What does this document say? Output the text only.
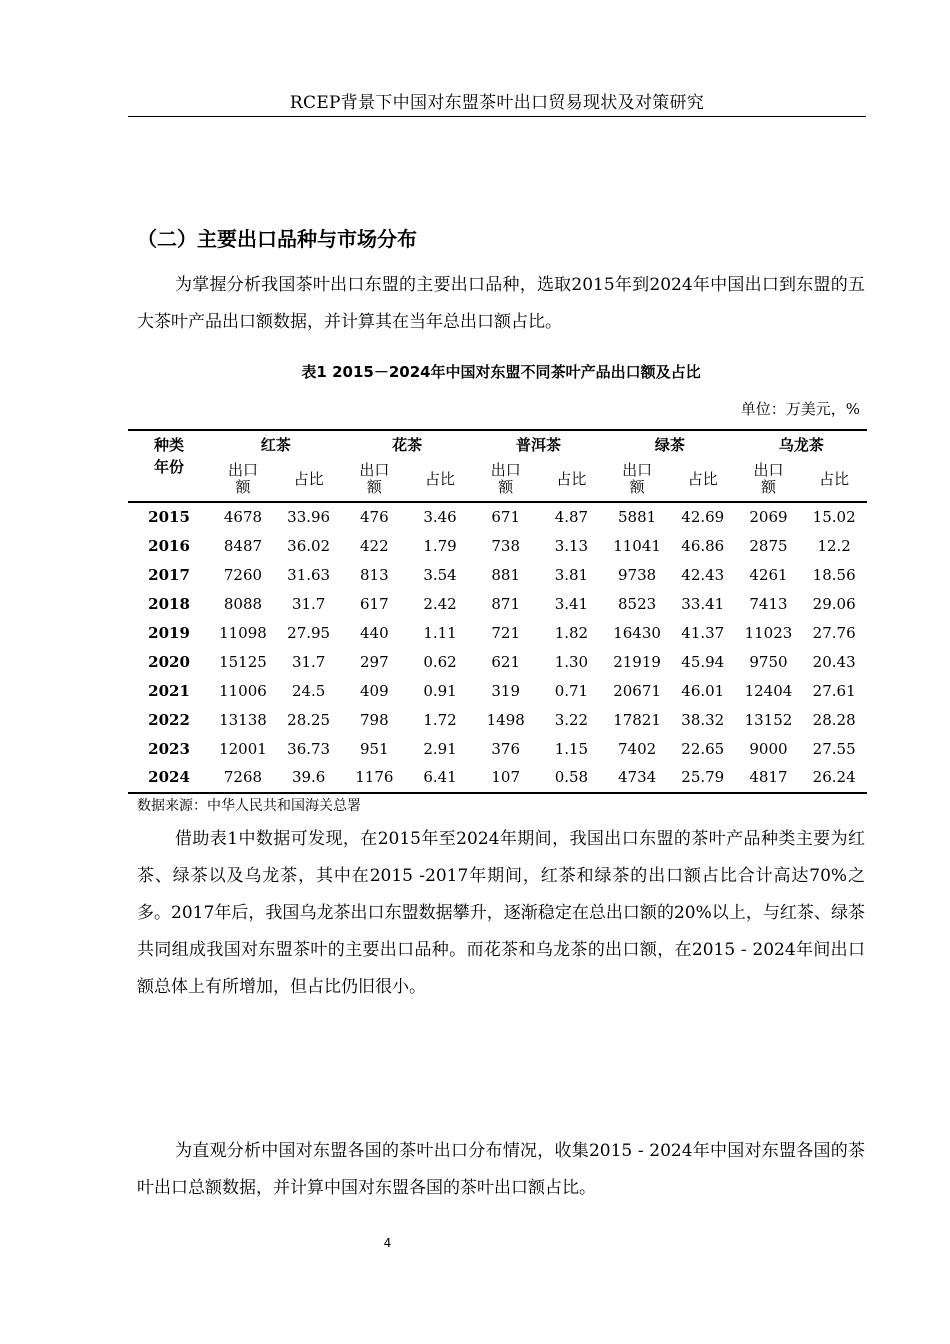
RCEP背景下中国对东盟茶叶出口贸易现状及对策研究
（二）主要出口品种与市场分布

为掌握分析我国茶叶出口东盟的主要出口品种，选取2015年到2024年中国出口到东盟的五大茶叶产品出口额数据，并计算其在当年总出口额占比。

表1 2015－2024年中国对东盟不同茶叶产品出口额及占比
单位：万美元，%
种类	红茶		花茶		普洱茶		绿茶		乌龙茶	
年份	出口额	占比	出口额	占比	出口额	占比	出口额	占比	出口额	占比
2015	4678	33.96	476	3.46	671	4.87	5881	42.69	2069	15.02
2016	8487	36.02	422	1.79	738	3.13	11041	46.86	2875	12.2
2017	7260	31.63	813	3.54	881	3.81	9738	42.43	4261	18.56
2018	8088	31.7	617	2.42	871	3.41	8523	33.41	7413	29.06
2019	11098	27.95	440	1.11	721	1.82	16430	41.37	11023	27.76
2020	15125	31.7	297	0.62	621	1.30	21919	45.94	9750	20.43
2021	11006	24.5	409	0.91	319	0.71	20671	46.01	12404	27.61
2022	13138	28.25	798	1.72	1498	3.22	17821	38.32	13152	28.28
2023	12001	36.73	951	2.91	376	1.15	7402	22.65	9000	27.55
2024	7268	39.6	1176	6.41	107	0.58	4734	25.79	4817	26.24
数据来源：中华人民共和国海关总署

借助表1中数据可发现，在2015年至2024年期间，我国出口东盟的茶叶产品种类主要为红茶、绿茶以及乌龙茶，其中在2015 -2017年期间，红茶和绿茶的出口额占比合计高达70%之多。2017年后，我国乌龙茶出口东盟数据攀升，逐渐稳定在总出口额的20%以上，与红茶、绿茶共同组成我国对东盟茶叶的主要出口品种。而花茶和乌龙茶的出口额，在2015 - 2024年间出口额总体上有所增加，但占比仍旧很小。

为直观分析中国对东盟各国的茶叶出口分布情况，收集2015 - 2024年中国对东盟各国的茶叶出口总额数据，并计算中国对东盟各国的茶叶出口额占比。

4
